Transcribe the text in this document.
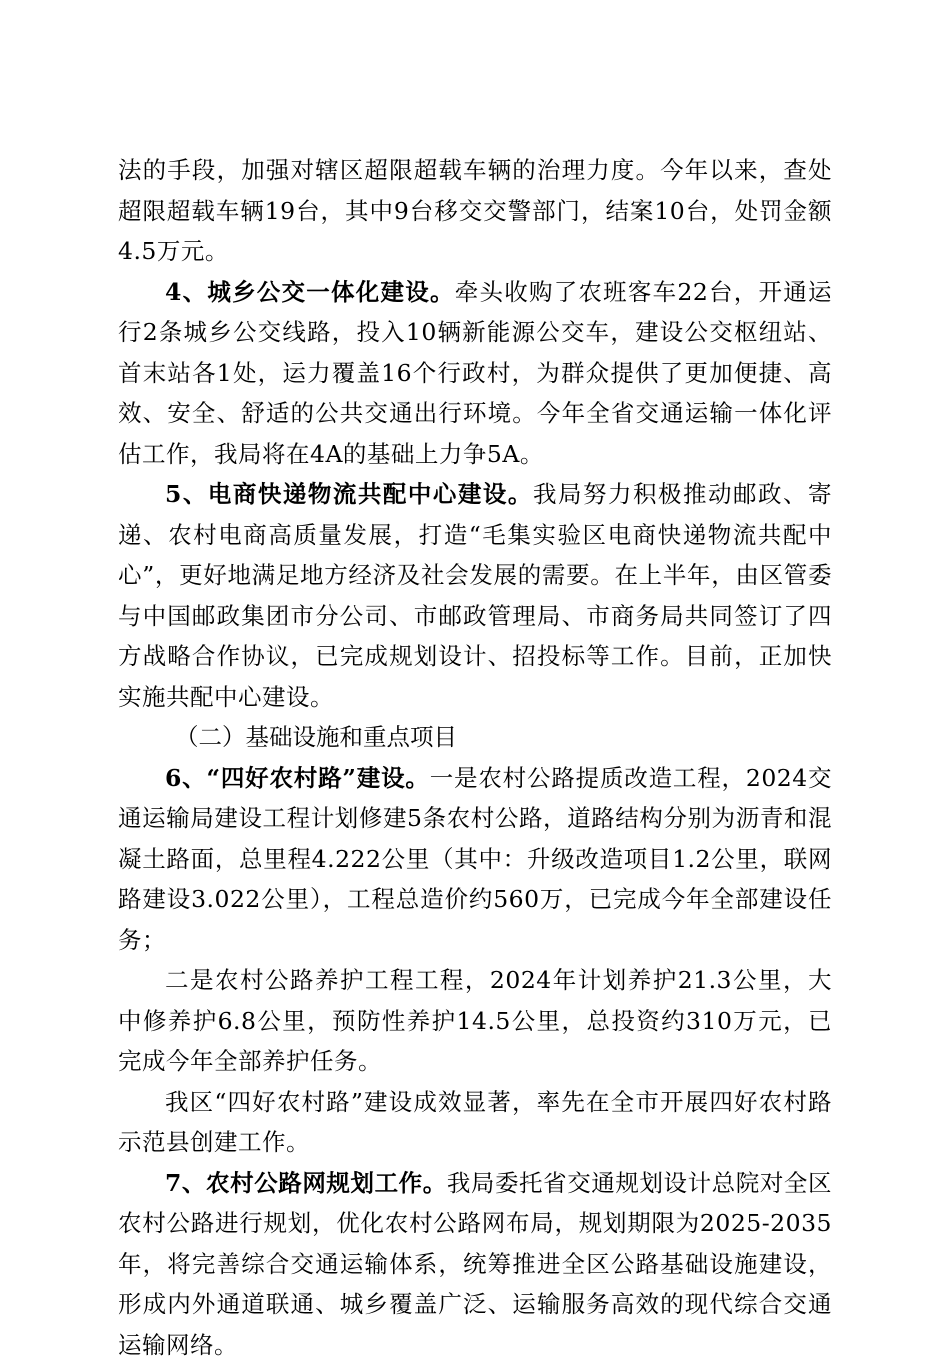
法的手段，加强对辖区超限超载车辆的治理力度。今年以来，查处超限超载车辆19台，其中9台移交交警部门，结案10台，处罚金额4.5万元。

4、城乡公交一体化建设。牵头收购了农班客车22台，开通运行2条城乡公交线路，投入10辆新能源公交车，建设公交枢纽站、首末站各1处，运力覆盖16个行政村，为群众提供了更加便捷、高效、安全、舒适的公共交通出行环境。今年全省交通运输一体化评估工作，我局将在4A的基础上力争5A。

5、电商快递物流共配中心建设。我局努力积极推动邮政、寄递、农村电商高质量发展，打造“毛集实验区电商快递物流共配中心”，更好地满足地方经济及社会发展的需要。在上半年，由区管委与中国邮政集团市分公司、市邮政管理局、市商务局共同签订了四方战略合作协议，已完成规划设计、招投标等工作。目前，正加快实施共配中心建设。

（二）基础设施和重点项目

6、“四好农村路”建设。一是农村公路提质改造工程，2024交通运输局建设工程计划修建5条农村公路，道路结构分别为沥青和混凝土路面，总里程4.222公里（其中：升级改造项目1.2公里，联网路建设3.022公里），工程总造价约560万，已完成今年全部建设任务；

二是农村公路养护工程工程，2024年计划养护21.3公里，大中修养护6.8公里，预防性养护14.5公里，总投资约310万元，已完成今年全部养护任务。

我区“四好农村路”建设成效显著，率先在全市开展四好农村路示范县创建工作。

7、农村公路网规划工作。我局委托省交通规划设计总院对全区农村公路进行规划，优化农村公路网布局，规划期限为2025-2035年，将完善综合交通运输体系，统筹推进全区公路基础设施建设，形成内外通道联通、城乡覆盖广泛、运输服务高效的现代综合交通运输网络。
